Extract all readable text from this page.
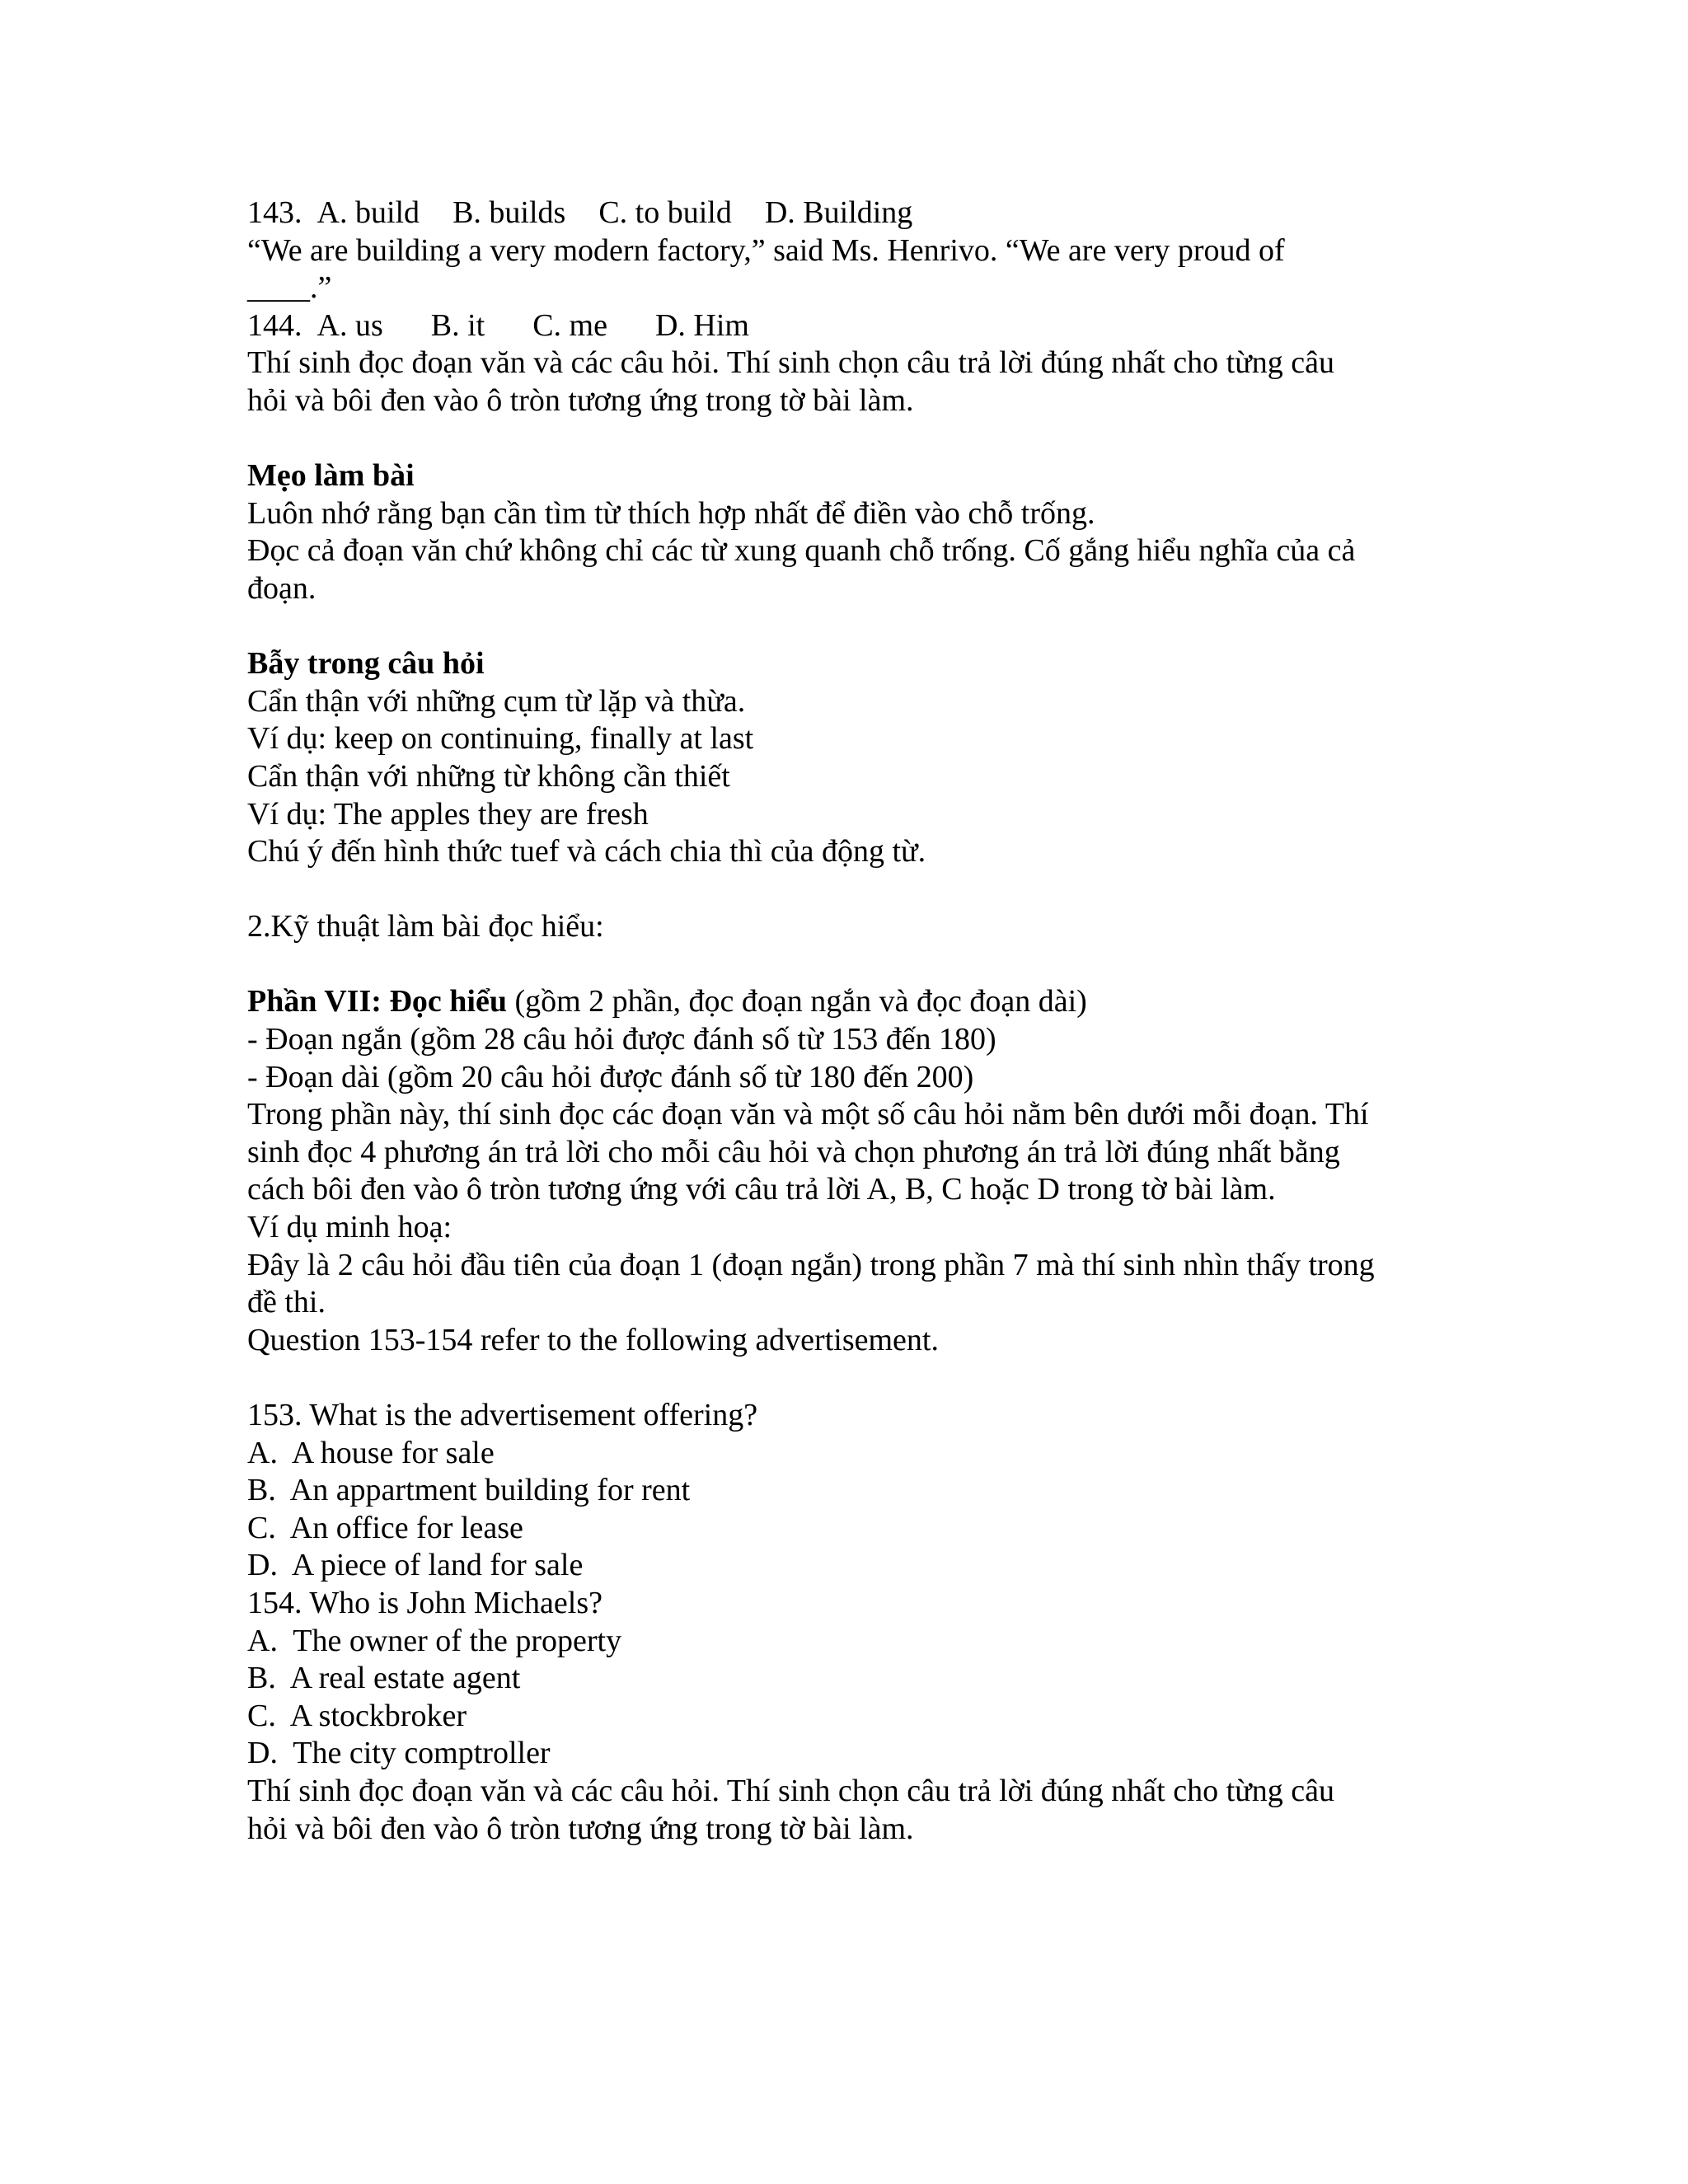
143. A. build B. builds C. to build D. Building
“We are building a very modern factory,” said Ms. Henrivo. “We are very proud of
____.”
144. A. us B. it C. me D. Him
Thí sinh đọc đoạn văn và các câu hỏi. Thí sinh chọn câu trả lời đúng nhất cho từng câu
hỏi và bôi đen vào ô tròn tương ứng trong tờ bài làm.
Mẹo làm bài
Luôn nhớ rằng bạn cần tìm từ thích hợp nhất để điền vào chỗ trống.
Đọc cả đoạn văn chứ không chỉ các từ xung quanh chỗ trống. Cố gắng hiểu nghĩa của cả
đoạn.
Bẫy trong câu hỏi
Cẩn thận với những cụm từ lặp và thừa.
Ví dụ: keep on continuing, finally at last
Cẩn thận với những từ không cần thiết
Ví dụ: The apples they are fresh
Chú ý đến hình thức tuef và cách chia thì của động từ.
2.Kỹ thuật làm bài đọc hiểu:
Phần VII: Đọc hiểu (gồm 2 phần, đọc đoạn ngắn và đọc đoạn dài)
- Đoạn ngắn (gồm 28 câu hỏi được đánh số từ 153 đến 180)
- Đoạn dài (gồm 20 câu hỏi được đánh số từ 180 đến 200)
Trong phần này, thí sinh đọc các đoạn văn và một số câu hỏi nằm bên dưới mỗi đoạn. Thí
sinh đọc 4 phương án trả lời cho mỗi câu hỏi và chọn phương án trả lời đúng nhất bằng
cách bôi đen vào ô tròn tương ứng với câu trả lời A, B, C hoặc D trong tờ bài làm.
Ví dụ minh hoạ:
Đây là 2 câu hỏi đầu tiên của đoạn 1 (đoạn ngắn) trong phần 7 mà thí sinh nhìn thấy trong
đề thi.
Question 153-154 refer to the following advertisement.
153. What is the advertisement offering?
A.  A house for sale
B.  An appartment building for rent
C.  An office for lease
D.  A piece of land for sale
154. Who is John Michaels?
A.  The owner of the property
B.  A real estate agent
C.  A stockbroker
D.  The city comptroller
Thí sinh đọc đoạn văn và các câu hỏi. Thí sinh chọn câu trả lời đúng nhất cho từng câu
hỏi và bôi đen vào ô tròn tương ứng trong tờ bài làm.
